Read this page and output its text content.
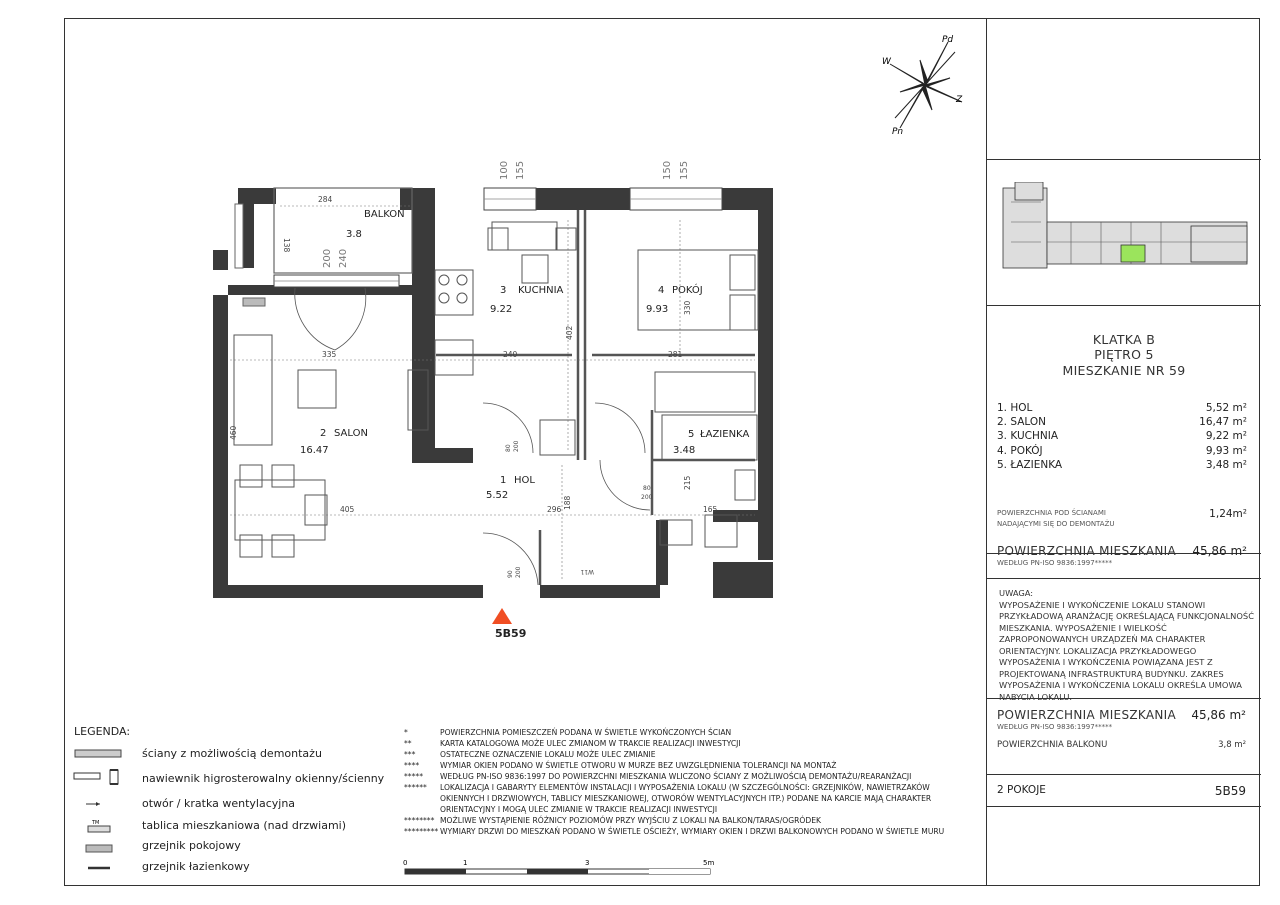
Pd
W
Z
Pn
BALKON
3.8
3 KUCHNIA
9.22
4 POKÓJ
9.93
2 SALON
16.47
5 ŁAZIENKA
3.48
1 HOL
5.52
284
138
335	240	281
460
405	296 188	165
215
402
330
100 155	150 155
200 240
80 200
90 200
80
200
W11
5B59
LEGENDA:
TM
ściany z możliwością demontażu
nawiewnik higrosterowalny okienny/ścienny
otwór / kratka wentylacyjna
tablica mieszkaniowa (nad drzwiami)
grzejnik pokojowy
grzejnik łazienkowy
*	POWIERZCHNIA POMIESZCZEŃ PODANA W ŚWIETLE WYKOŃCZONYCH ŚCIAN
**	KARTA KATALOGOWA MOŻE ULEC ZMIANOM W TRAKCIE REALIZACJI INWESTYCJI
***	OSTATECZNE OZNACZENIE LOKALU MOŻE ULEC ZMIANIE
****	WYMIAR OKIEN PODANO W ŚWIETLE OTWORU W MURZE BEZ UWZGLĘDNIENIA TOLERANCJI NA MONTAŻ
***** WEDŁUG PN-ISO 9836:1997 DO POWIERZCHNI MIESZKANIA WLICZONO ŚCIANY Z MOŻLIWOŚCIĄ DEMONTAŻU/REARANŻACJI
****** LOKALIZACJA I GABARYTY ELEMENTÓW INSTALACJI I WYPOSAŻENIA LOKALU (W SZCZEGÓLNOŚCI: GRZEJNIKÓW, NAWIETRZAKÓW
OKIENNYCH I DRZWIOWYCH, TABLICY MIESZKANIOWEJ, OTWORÓW WENTYLACYJNYCH ITP.) PODANE NA KARCIE MAJĄ CHARAKTER
ORIENTACYJNY I MOGĄ ULEC ZMIANIE W TRAKCIE REALIZACJI INWESTYCJI
******** MOŻLIWE WYSTĄPIENIE RÓŻNICY POZIOMÓW PRZY WYJŚCIU Z LOKALI NA BALKON/TARAS/OGRÓDEK
********* WYMIARY DRZWI DO MIESZKAŃ PODANO W ŚWIETLE OŚCIEŻY, WYMIARY OKIEN I DRZWI BALKONOWYCH PODANO W ŚWIETLE MURU
0	1	3	5m
KLATKA B
PIĘTRO 5
MIESZKANIE NR 59
1. HOL	5,52 m²
2. SALON	16,47 m²
3. KUCHNIA	9,22 m²
4. POKÓJ	9,93 m²
5. ŁAZIENKA	3,48 m²
POWIERZCHNIA POD ŚCIANAMI
NADAJĄCYMI SIĘ DO DEMONTAŻU
1,24m²
POWIERZCHNIA MIESZKANIA
WEDŁUG PN-ISO 9836:1997*****
45,86 m²
UWAGA:
WYPOSAŻENIE I WYKOŃCZENIE LOKALU STANOWI PRZYKŁADOWĄ ARANŻACJĘ OKREŚLAJĄCĄ FUNKCJONALNOŚĆ MIESZKANIA. WYPOSAŻENIE I WIELKOŚĆ ZAPROPONOWANYCH URZĄDZEŃ MA CHARAKTER ORIENTACYJNY. LOKALIZACJA PRZYKŁADOWEGO WYPOSAŻENIA I WYKOŃCZENIA POWIĄZANA JEST Z PROJEKTOWANĄ INFRASTRUKTURĄ BUDYNKU. ZAKRES WYPOSAŻENIA I WYKOŃCZENIA LOKALU OKREŚLA UMOWA NABYCIA LOKALU.
POWIERZCHNIA MIESZKANIA
WEDŁUG PN-ISO 9836:1997*****
45,86 m²
POWIERZCHNIA BALKONU	3,8 m²
2 POKOJE	5B59
